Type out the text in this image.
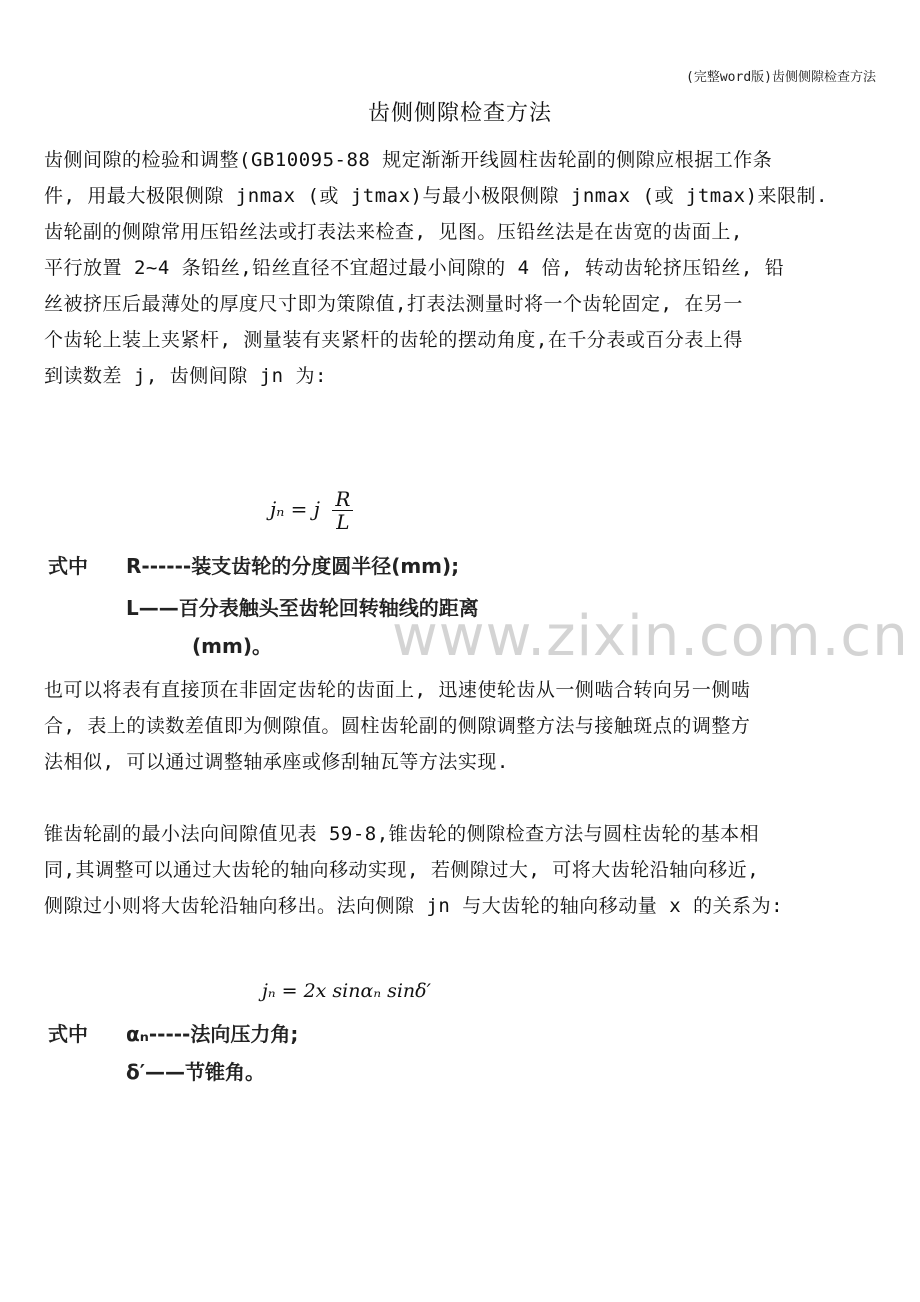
(完整word版)齿侧侧隙检查方法
齿侧侧隙检查方法
齿侧间隙的检验和调整(GB10095-88 规定渐渐开线圆柱齿轮副的侧隙应根据工作条
件, 用最大极限侧隙 jnmax (或 jtmax)与最小极限侧隙 jnmax (或 jtmax)来限制.
齿轮副的侧隙常用压铅丝法或打表法来检查, 见图。压铅丝法是在齿宽的齿面上,
平行放置 2~4 条铅丝,铅丝直径不宜超过最小间隙的 4 倍, 转动齿轮挤压铅丝, 铅
丝被挤压后最薄处的厚度尺寸即为策隙值,打表法测量时将一个齿轮固定, 在另一
个齿轮上装上夹紧杆, 测量装有夹紧杆的齿轮的摆动角度,在千分表或百分表上得
到读数差 j, 齿侧间隙 jn 为:
jₙ = j $\frac{R}{L}$
式中 R------装支齿轮的分度圆半径(mm);
L——百分表触头至齿轮回转轴线的距离
(mm)。 www.zixin.com.cn
也可以将表有直接顶在非固定齿轮的齿面上, 迅速使轮齿从一侧啮合转向另一侧啮
合, 表上的读数差值即为侧隙值。圆柱齿轮副的侧隙调整方法与接触斑点的调整方
法相似, 可以通过调整轴承座或修刮轴瓦等方法实现.
锥齿轮副的最小法向间隙值见表 59-8,锥齿轮的侧隙检查方法与圆柱齿轮的基本相
同,其调整可以通过大齿轮的轴向移动实现, 若侧隙过大, 可将大齿轮沿轴向移近,
侧隙过小则将大齿轮沿轴向移出。法向侧隙 jn 与大齿轮的轴向移动量 x 的关系为:
jₙ = 2x sinαₙ sinδ′
式中 αₙ-----法向压力角;
δ′——节锥角。
